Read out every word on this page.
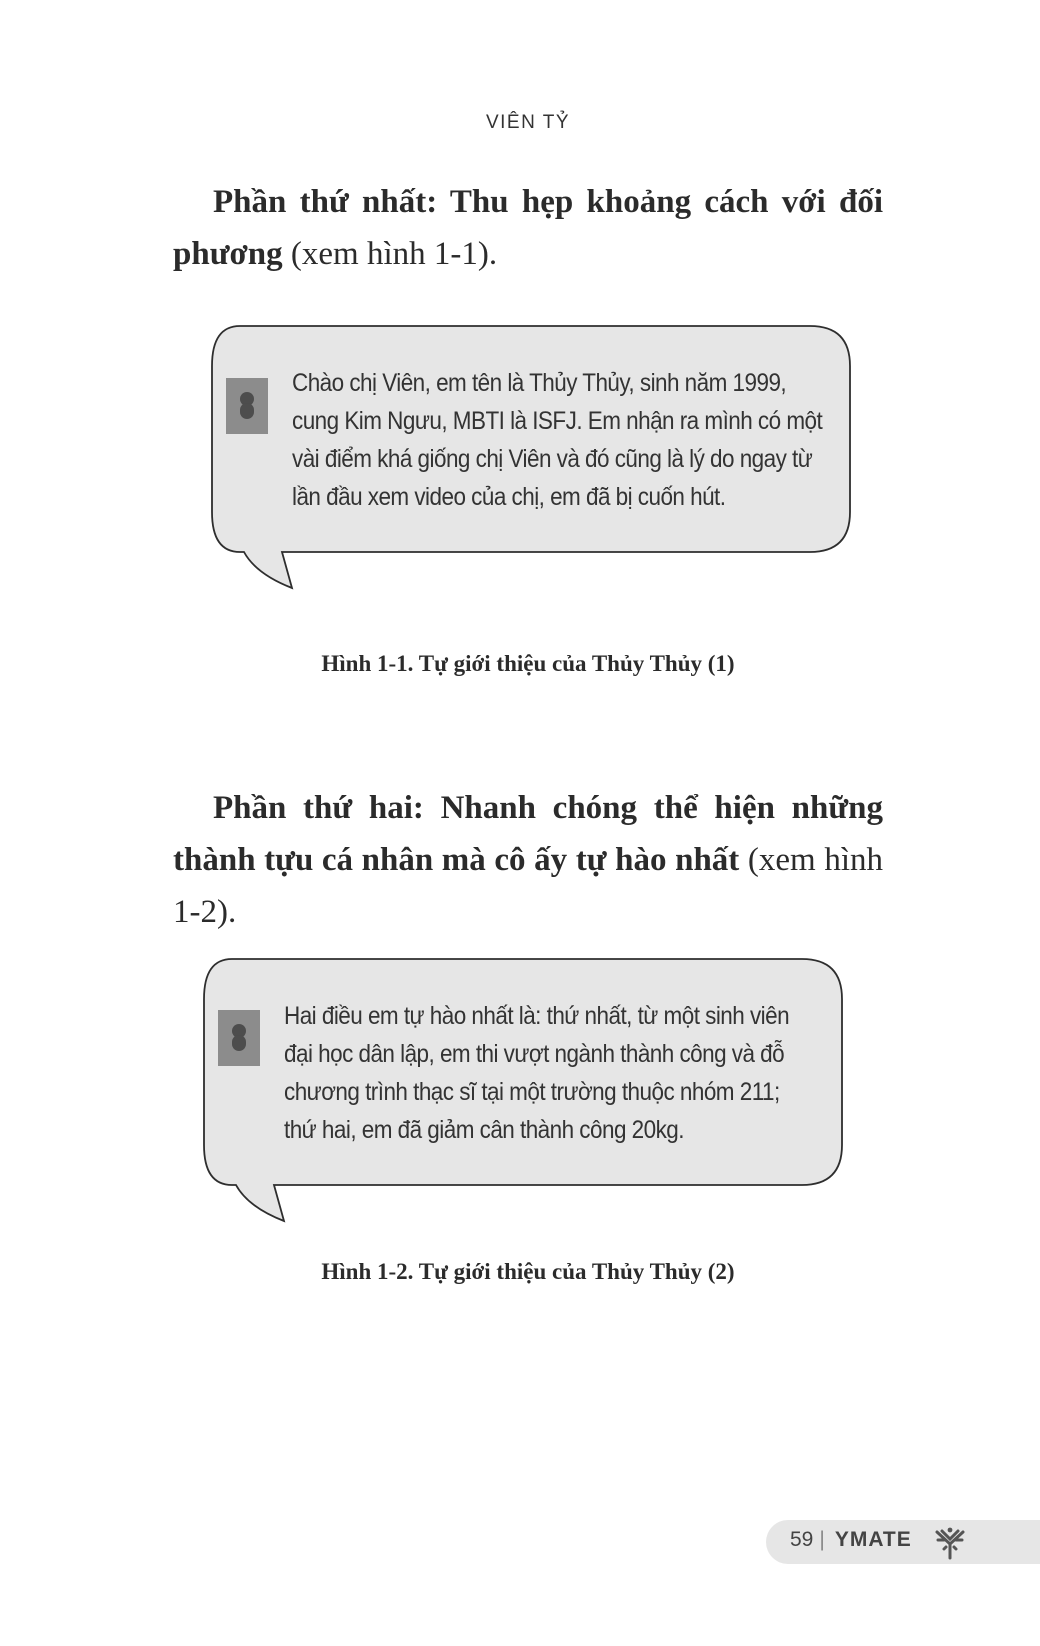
VIÊN TỶ

Phần thứ nhất: Thu hẹp khoảng cách với đối phương (xem hình 1-1).

Chào chị Viên, em tên là Thủy Thủy, sinh năm 1999,
cung Kim Ngưu, MBTI là ISFJ. Em nhận ra mình có một
vài điểm khá giống chị Viên và đó cũng là lý do ngay từ
lần đầu xem video của chị, em đã bị cuốn hút.

Hình 1-1. Tự giới thiệu của Thủy Thủy (1)

Phần thứ hai: Nhanh chóng thể hiện những thành tựu cá nhân mà cô ấy tự hào nhất (xem hình 1-2).

Hai điều em tự hào nhất là: thứ nhất, từ một sinh viên
đại học dân lập, em thi vượt ngành thành công và đỗ
chương trình thạc sĩ tại một trường thuộc nhóm 211;
thứ hai, em đã giảm cân thành công 20kg.

Hình 1-2. Tự giới thiệu của Thủy Thủy (2)
59 | YMATE
